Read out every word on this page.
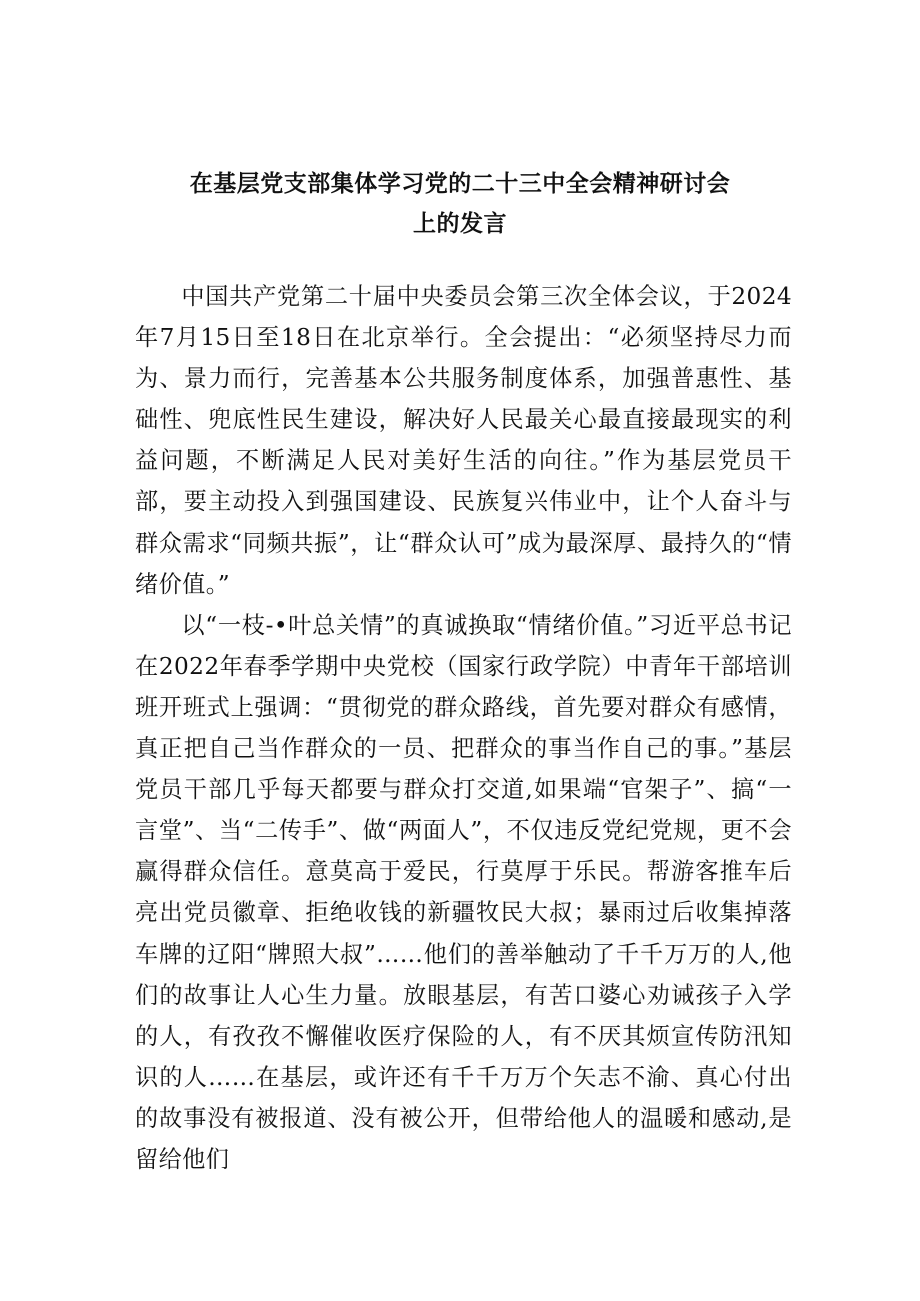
在基层党支部集体学习党的二十三中全会精神研讨会
上的发言

中国共产党第二十届中央委员会第三次全体会议，于2024年7月15日至18日在北京举行。全会提出：“必须坚持尽力而为、景力而行，完善基本公共服务制度体系，加强普惠性、基础性、兜底性民生建设，解决好人民最关心最直接最现实的利益问题，不断满足人民对美好生活的向往。”作为基层党员干部，要主动投入到强国建设、民族复兴伟业中，让个人奋斗与群众需求“同频共振”，让“群众认可”成为最深厚、最持久的“情绪价值。”

以“一枝-•叶总关情”的真诚换取“情绪价值。”习近平总书记在2022年春季学期中央党校（国家行政学院）中青年干部培训班开班式上强调：“贯彻党的群众路线，首先要对群众有感情，真正把自己当作群众的一员、把群众的事当作自己的事。”基层党员干部几乎每天都要与群众打交道,如果端“官架子”、搞“一言堂”、当“二传手”、做“两面人”，不仅违反党纪党规，更不会赢得群众信任。意莫高于爱民，行莫厚于乐民。帮游客推车后亮出党员徽章、拒绝收钱的新疆牧民大叔；暴雨过后收集掉落车牌的辽阳“牌照大叔”……他们的善举触动了千千万万的人,他们的故事让人心生力量。放眼基层，有苦口婆心劝诫孩子入学的人，有孜孜不懈催收医疗保险的人，有不厌其烦宣传防汛知识的人……在基层，或许还有千千万万个矢志不渝、真心付出的故事没有被报道、没有被公开，但带给他人的温暖和感动,是留给他们
